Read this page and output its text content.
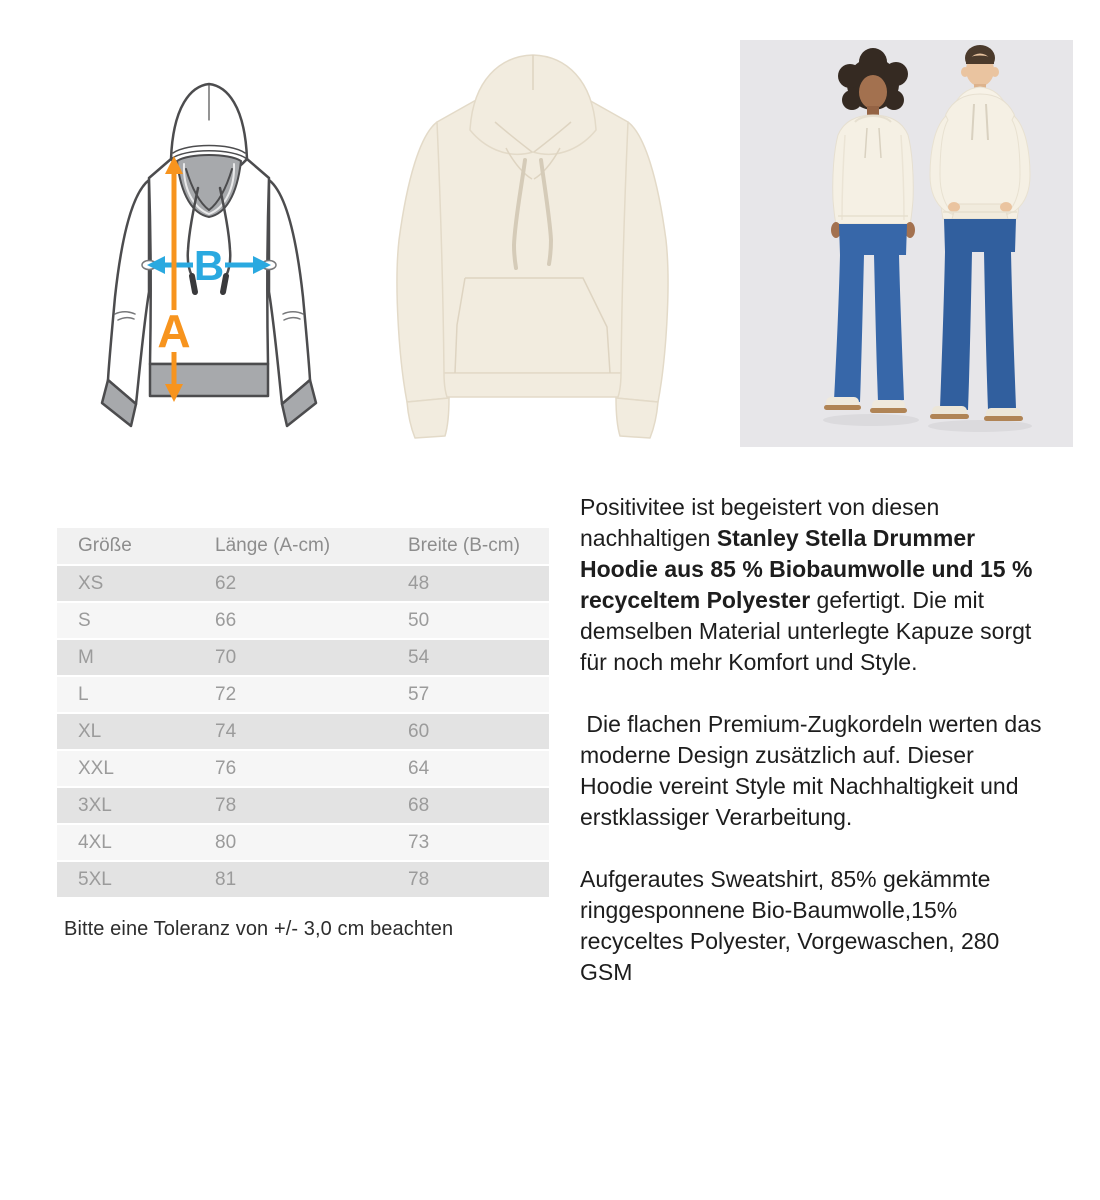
B
A
Größe	Länge (A-cm)	Breite (B-cm)
XS	62	48
S	66	50
M	70	54
L	72	57
XL	74	60
XXL	76	64
3XL	78	68
4XL	80	73
5XL	81	78
Bitte eine Toleranz von +/- 3,0 cm beachten

Positivitee ist begeistert von diesen nachhaltigen Stanley Stella Drummer Hoodie aus 85 % Biobaumwolle und 15 % recyceltem Polyester gefertigt. Die mit demselben Material unterlegte Kapuze sorgt für noch mehr Komfort und Style.

Die flachen Premium-Zugkordeln werten das moderne Design zusätzlich auf. Dieser Hoodie vereint Style mit Nachhaltigkeit und erstklassiger Verarbeitung.

Aufgerautes Sweatshirt, 85% gekämmte ringgesponnene Bio-Baumwolle,15% recyceltes Polyester, Vorgewaschen, 280 GSM
